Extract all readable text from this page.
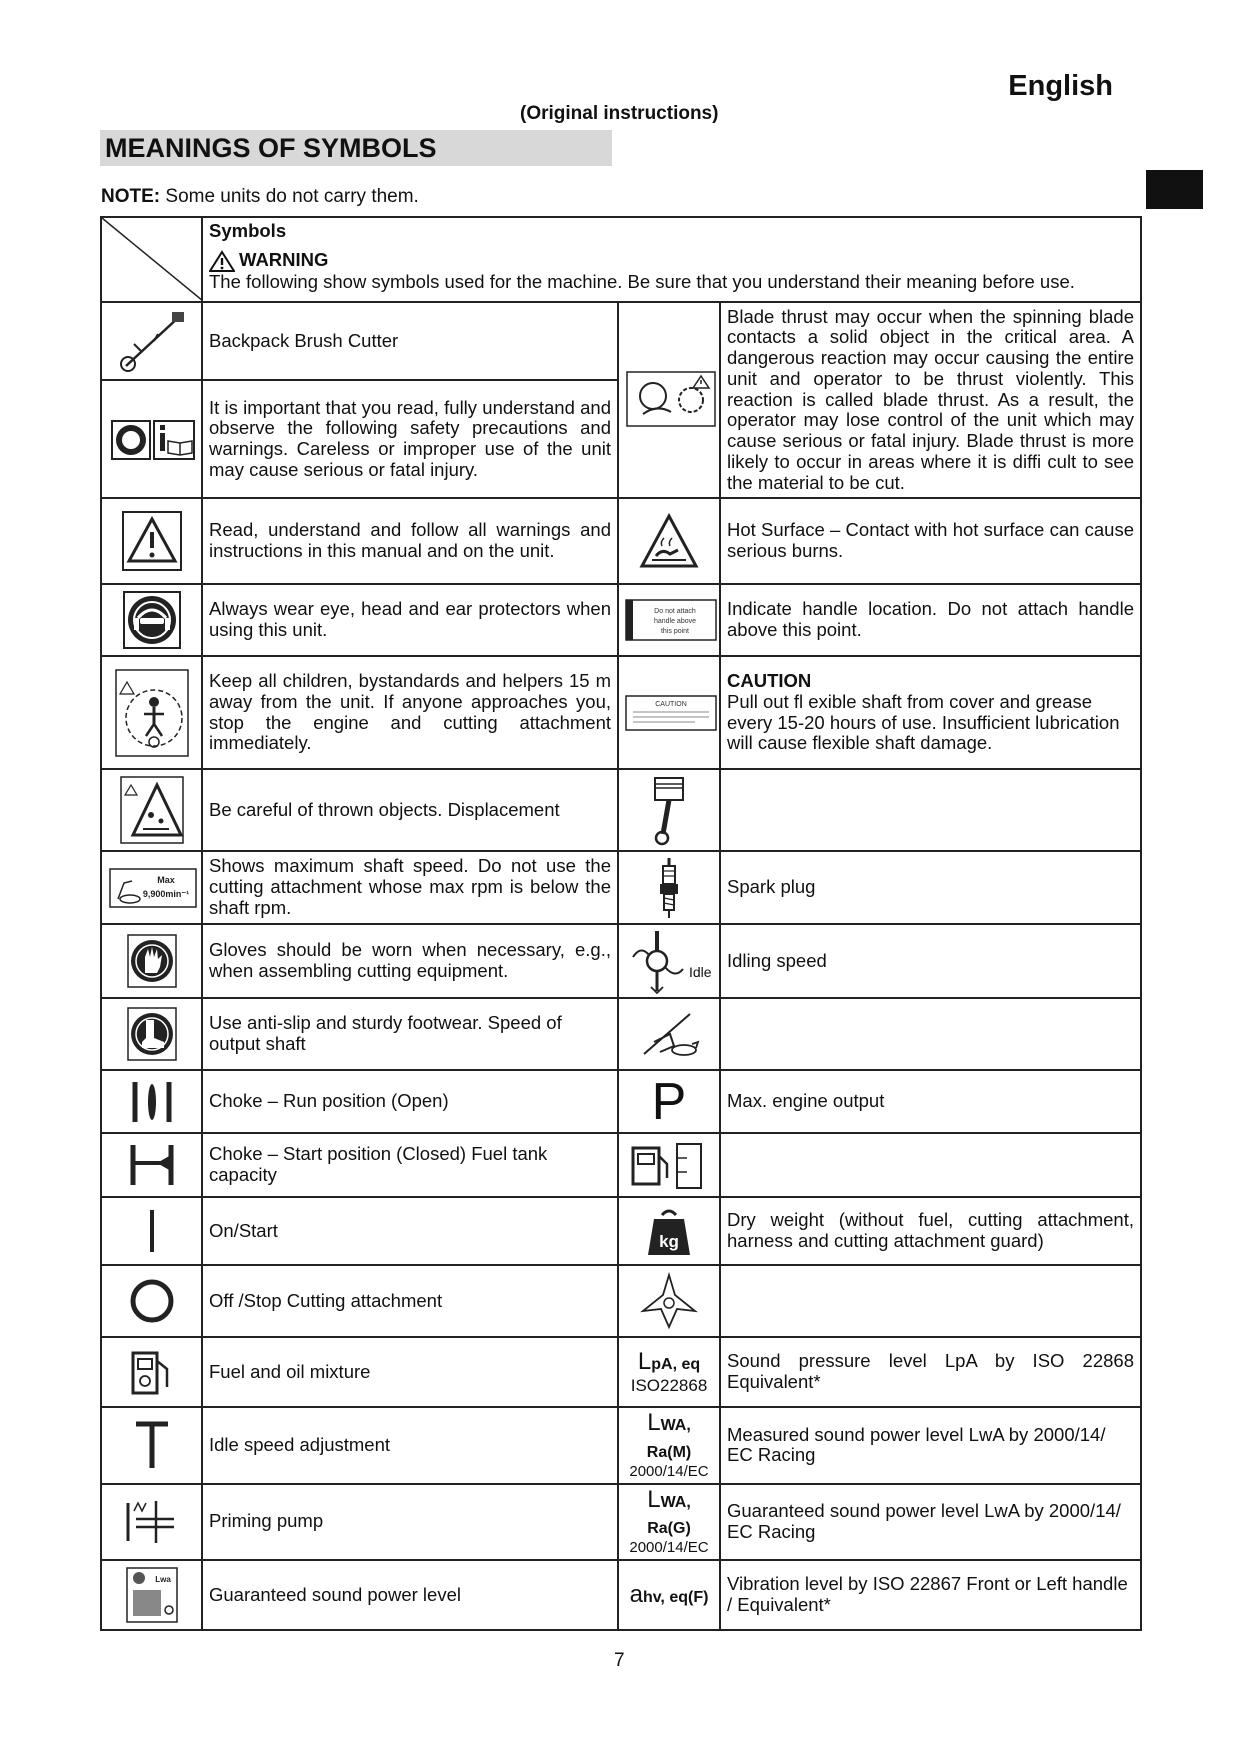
English
(Original instructions)
MEANINGS OF SYMBOLS
NOTE: Some units do not carry them.

Symbols
WARNING
The following show symbols used for the machine. Be sure that you understand their meaning before use.		

	Backpack Brush Cutter		Blade thrust may occur when the spinning blade contacts a solid object in the critical area. A dangerous reaction may occur causing the entire unit and operator to be thrust violently. This reaction is called blade thrust. As a result, the operator may lose control of the unit which may cause serious or fatal injury. Blade thrust is more likely to occur in areas where it is diffi cult to see the material to be cut.

	It is important that you read, fully understand and observe the following safety precautions and warnings. Careless or improper use of the unit may cause serious or fatal injury.		

	Read, understand and follow all warnings and instructions in this manual and on the unit.		Hot Surface – Contact with hot surface can cause serious burns.

	Always wear eye, head and ear protectors when using this unit.	Do not attach
handle above
this point	Indicate handle location. Do not attach handle above this point.

	Keep all children, bystandards and helpers 15 m away from the unit. If anyone approaches you, stop the engine and cutting attachment immediately.	CAUTION	CAUTION
Pull out fl exible shaft from cover and grease every 15-20 hours of use. Insufficient lubrication will cause flexible shaft damage.

	Be careful of thrown objects. Displacement	

Max
9,900min⁻¹	Shows maximum shaft speed. Do not use the cutting attachment whose max rpm is below the shaft rpm.		Spark plug

	Gloves should be worn when necessary, e.g., when assembling cutting equipment.	Idle	Idling speed

	Use anti-slip and sturdy footwear. Speed of output shaft	

	Choke – Run position (Open)	P	Max. engine output

	Choke – Start position (Closed) Fuel tank capacity	

	On/Start	kg	Dry weight (without fuel, cutting attachment, harness and cutting attachment guard)

	Off /Stop Cutting attachment	

	Fuel and oil mixture	LpA, eq
ISO22868	Sound pressure level LpA by ISO 22868 Equivalent*

	Idle speed adjustment	LWA, Ra(M)
2000/14/EC	Measured sound power level LwA by 2000/14/ EC Racing

	Priming pump	LWA, Ra(G)
2000/14/EC	Guaranteed sound power level LwA by 2000/14/ EC Racing

Lwa	Guaranteed sound power level	ahv, eq(F)	Vibration level by ISO 22867 Front or Left handle / Equivalent*
7
